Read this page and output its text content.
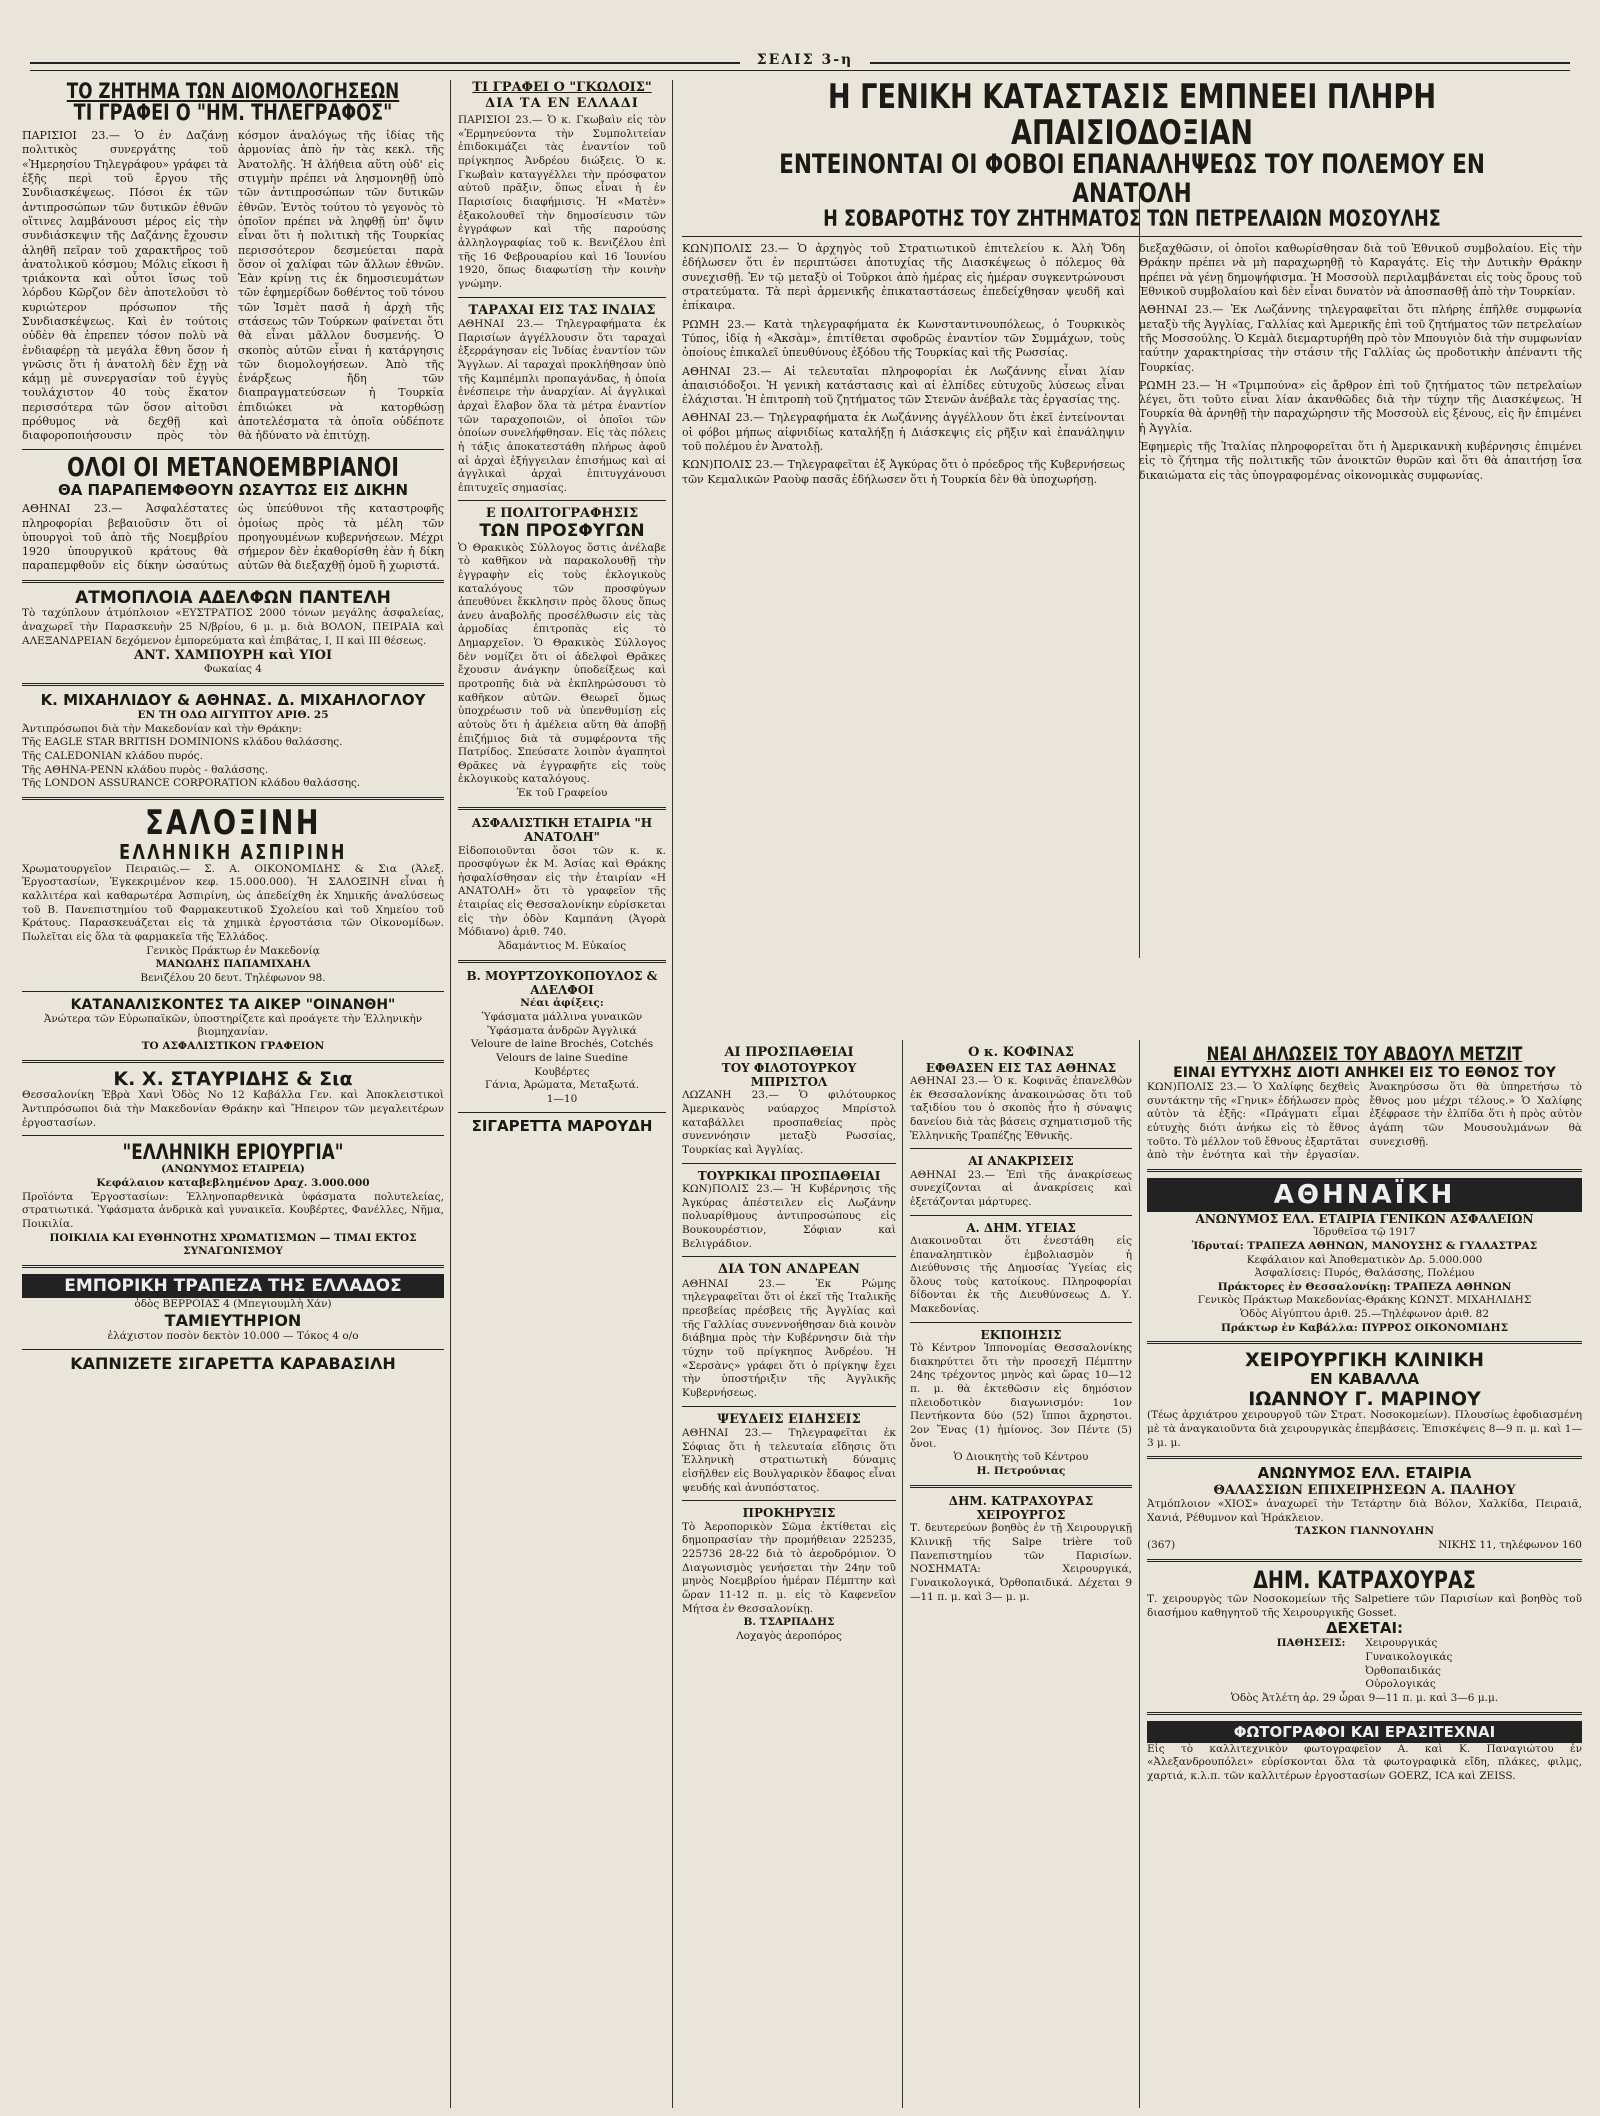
ΣΕΛΙΣ 3-η
ΤΟ ΖΗΤΗΜΑ ΤΩΝ ΔΙΟΜΟΛΟΓΗΣΕΩΝ
ΤΙ ΓΡΑΦΕΙ Ο "ΗΜ. ΤΗΛΕΓΡΑΦΟΣ"
ΠΑΡΙΣΙΟΙ 23.— Ὁ ἐν Δαζάνῃ πολιτικὸς συνεργάτης τοῦ «Ἡμερησίου Τηλεγράφου» γράφει τὰ ἑξῆς περὶ τοῦ ἔργου τῆς Συνδιασκέψεως. Πόσοι ἐκ τῶν ἀντιπροσώπων τῶν δυτικῶν ἐθνῶν οἵτινες λαμβάνουσι μέρος εἰς τὴν συνδιάσκεψιν τῆς Δαζάνης ἔχουσιν ἀληθῆ πεῖραν τοῦ χαρακτῆρος τοῦ ἀνατολικοῦ κόσμου; Μόλις εἴκοσι ἢ τριάκοντα καὶ οὗτοι ἴσως τοῦ λόρδου Κῶρζον δὲν ἀποτελοῦσι τὸ κυριώτερον πρόσωπον τῆς Συνδιασκέψεως. Καὶ ἐν τούτοις οὐδὲν θὰ ἐπρεπεν τόσον πολὺ νὰ ἐνδιαφέρῃ τὰ μεγάλα ἔθνη ὅσον ἡ γνῶσις ὅτι ἡ ἀνατολὴ δὲν ἔχῃ νὰ κάμῃ μὲ συνεργασίαν τοῦ ἐγγὺς τουλάχιστον 40 τοὺς ἕκατον περισσότερα τῶν ὅσον αἰτοῦσι πρόθυμος νὰ δεχθῇ καὶ διαφοροποιήσουσιν πρὸς τὸν κόσμον ἀναλόγως τῆς ἰδίας τῆς ἀρμονίας ἀπὸ ἡν τὰς κεκλ. τῆς Ἀνατολῆς. Ἡ ἀλήθεια αὕτη οὐδ' εἰς στιγμὴν πρέπει νὰ λησμονηθῇ ὑπὸ τῶν ἀντιπροσώπων τῶν δυτικῶν ἐθνῶν. Ἐντὸς τούτου τὸ γεγονὸς τὸ ὁποῖον πρέπει νὰ ληφθῇ ὑπ' ὄψιν εἶναι ὅτι ἡ πολιτικὴ τῆς Τουρκίας περισσότερον δεσμεύεται παρὰ ὅσον οἱ χαλίφαι τῶν ἄλλων ἐθνῶν. Ἐὰν κρίνῃ τις ἐκ δημοσιευμάτων τῶν ἐφημερίδων δοθέντος τοῦ τόνου τῶν Ἰσμὲτ πασᾶ ἡ ἀρχὴ τῆς στάσεως τῶν Τούρκων φαίνεται ὅτι θὰ εἶναι μᾶλλον δυσμενής. Ὁ σκοπὸς αὐτῶν εἶναι ἡ κατάργησις τῶν διομολογήσεων. Ἀπὸ τῆς ἐνάρξεως ἤδη τῶν διαπραγματεύσεων ἡ Τουρκία ἐπιδιώκει νὰ κατορθώσῃ ἀποτελέσματα τὰ ὁποῖα οὐδέποτε θὰ ἠδύνατο νὰ ἐπιτύχῃ.
ΟΛΟΙ ΟΙ ΜΕΤΑΝΟΕΜΒΡΙΑΝΟΙ
ΘΑ ΠΑΡΑΠΕΜΦΘΟΥΝ ΩΣΑΥΤΩΣ ΕΙΣ ΔΙΚΗΝ
ΑΘΗΝΑΙ 23.— Ἀσφαλέστατες πληροφορίαι βεβαιοῦσιν ὅτι οἱ ὑπουργοὶ τοῦ ἀπὸ τῆς Νοεμβρίου 1920 ὑπουργικοῦ κράτους θὰ παραπεμφθοῦν εἰς δίκην ὡσαύτως ὡς ὑπεύθυνοι τῆς καταστροφῆς ὁμοίως πρὸς τὰ μέλη τῶν προηγουμένων κυβερνήσεων. Μέχρι σήμερον δὲν ἐκαθορίσθη ἐὰν ἡ δίκη αὐτῶν θὰ διεξαχθῇ ὁμοῦ ἢ χωριστά.
ΑΤΜΟΠΛΟΙΑ ΑΔΕΛΦΩΝ ΠΑΝΤΕΛΗ
Τὸ ταχύπλουν ἀτμόπλοιον «ΕΥΣΤΡΑΤΙΟΣ 2000 τόνων μεγάλης ἀσφαλείας, ἀναχωρεῖ τὴν Παρασκευὴν 25 Ν/βρίου, 6 μ. μ. διὰ ΒΟΛΟΝ, ΠΕΙΡΑΙΑ καὶ ΑΛΕΞΑΝΔΡΕΙΑΝ δεχόμενον ἐμπορεύματα καὶ ἐπιβάτας, Ι, ΙΙ καὶ ΙΙΙ θέσεως.
ΑΝΤ. ΧΑΜΠΟΥΡΗ καὶ ΥΙΟΙ
Φωκαίας 4
Κ. ΜΙΧΑΗΛΙΔΟΥ & ΑΘΗΝΑΣ. Δ. ΜΙΧΑΗΛΟΓΛΟΥ
ΕΝ ΤΗ ΟΔΩ ΑΙΓΥΠΤΟΥ ΑΡΙΘ. 25
Ἀντιπρόσωποι διὰ τὴν Μακεδονίαν καὶ τὴν Θράκην:
Τῆς EAGLE STAR BRITISH DOMINIONS κλάδου θαλάσσης.
Τῆς CALEDONIAN κλάδου πυρός.
Τῆς ΑΘΗΝΑ-ΡΕΝΝ κλάδου πυρὸς - θαλάσσης.
Τῆς LONDON ASSURANCE CORPORATION κλάδου θαλάσσης.
ΣΑΛΟΞΙΝΗ
ΕΛΛΗΝΙΚΗ ΑΣΠΙΡΙΝΗ
Χρωματουργεῖον Πειραιῶς.— Σ. Α. ΟΙΚΟΝΟΜΙΔΗΣ & Σια (Ἀλεξ. Ἐργοστασίων, Ἐγκεκριμένον κεφ. 15.000.000). Ἡ ΣΑΛΟΞΙΝΗ εἶναι ἡ καλλιτέρα καὶ καθαρωτέρα Ἀσπιρίνη, ὡς ἀπεδείχθη ἐκ Χημικῆς ἀναλύσεως τοῦ Β. Πανεπιστημίου τοῦ Φαρμακευτικοῦ Σχολείου καὶ τοῦ Χημείου τοῦ Κράτους. Παρασκευάζεται εἰς τὰ χημικὰ ἐργοστάσια τῶν Οἰκονομίδων. Πωλεῖται εἰς ὅλα τὰ φαρμακεῖα τῆς Ἑλλάδος.
Γενικὸς Πράκτωρ ἐν Μακεδονίᾳ
ΜΑΝΩΛΗΣ ΠΑΠΑΜΙΧΑΗΛ
Βενιζέλου 20 δευτ. Τηλέφωνον 98.
ΚΑΤΑΝΑΛΙΣΚΟΝΤΕΣ ΤΑ ΑΙΚΕΡ "ΟΙΝΑΝΘΗ"
Ἀνώτερα τῶν Εὐρωπαϊκῶν, ὑποστηρίζετε καὶ προάγετε τὴν Ἑλληνικὴν βιομηχανίαν.
ΤΟ ΑΣΦΑΛΙΣΤΙΚΟΝ ΓΡΑΦΕΙΟΝ
Κ. Χ. ΣΤΑΥΡΙΔΗΣ & Σια
Θεσσαλονίκη Ἐβρὰ Χανὶ Ὁδὸς Νο 12 Καβάλλα Γεν. καὶ Ἀποκλειστικοὶ Ἀντιπρόσωποι διὰ τὴν Μακεδονίαν Θράκην καὶ Ἤπειρον τῶν μεγαλειτέρων ἐργοστασίων.
"ΕΛΛΗΝΙΚΗ ΕΡΙΟΥΡΓΙΑ"
(ΑΝΩΝΥΜΟΣ ΕΤΑΙΡΕΙΑ)
Κεφάλαιον καταβεβλημένον Δραχ. 3.000.000
Προϊόντα Ἐργοστασίων: Ἐλληνοπαρθενικὰ ὑφάσματα πολυτελείας, στρατιωτικά. Ὑφάσματα ἀνδρικὰ καὶ γυναικεῖα. Κουβέρτες, Φανέλλες, Νῆμα, Ποικιλία.
ΠΟΙΚΙΛΙΑ ΚΑΙ ΕΥΘΗΝΟΤΗΣ ΧΡΩΜΑΤΙΣΜΩΝ — ΤΙΜΑΙ ΕΚΤΟΣ ΣΥΝΑΓΩΝΙΣΜΟΥ
ΕΜΠΟΡΙΚΗ ΤΡΑΠΕΖΑ ΤΗΣ ΕΛΛΑΔΟΣ
ὁδὸς ΒΕΡΡΟΙΑΣ 4 (Μπεγιουμλὴ Χάν)
ΤΑΜΙΕΥΤΗΡΙΟΝ
ἐλάχιστον ποσὸν δεκτὸν 10.000 — Τόκος 4 ο/ο
ΚΑΠΝΙΖΕΤΕ ΣΙΓΑΡΕΤΤΑ ΚΑΡΑΒΑΣΙΛΗ
ΤΙ ΓΡΑΦΕΙ Ο "ΓΚΩΛΟΙΣ"
ΔΙΑ ΤΑ ΕΝ ΕΛΛΑΔΙ
ΠΑΡΙΣΙΟΙ 23.— Ὁ κ. Γκωβαὶν εἰς τὸν «Ἐρμηνεύοντα τὴν Συμπολιτείαν ἐπιδοκιμάζει τὰς ἐναντίον τοῦ πρίγκηπος Ἀνδρέου διώξεις. Ὁ κ. Γκωβαὶν καταγγέλλει τὴν πρόσφατον αὐτοῦ πρᾶξιν, ὅπως εἶναι ἡ ἐν Παρισίοις διαφήμισις. Ἡ «Ματὲν» ἐξακολουθεῖ τὴν δημοσίευσιν τῶν ἐγγράφων καὶ τῆς παρούσης ἀλληλογραφίας τοῦ κ. Βενιζέλου ἐπὶ τῆς 16 Φεβρουαρίου καὶ 16 Ἰουνίου 1920, ὅπως διαφωτίσῃ τὴν κοινὴν γνώμην.
ΤΑΡΑΧΑΙ ΕΙΣ ΤΑΣ ΙΝΔΙΑΣ
ΑΘΗΝΑΙ 23.— Τηλεγραφήματα ἐκ Παρισίων ἀγγέλλουσιν ὅτι ταραχαὶ ἐξερράγησαν εἰς Ἰνδίας ἐναντίον τῶν Ἄγγλων. Αἱ ταραχαὶ προκλήθησαν ὑπὸ τῆς Καμπέμπλι προπαγάνδας, ἡ ὁποία ἐνέσπειρε τὴν ἀναρχίαν. Αἱ ἀγγλικαὶ ἀρχαὶ ἔλαβον ὅλα τὰ μέτρα ἐναντίον τῶν ταραχοποιῶν, οἱ ὁποῖοι τῶν ὁποίων συνελήφθησαν. Εἰς τὰς πόλεις ἡ τάξις ἀποκατεστάθη πλήρως ἀφοῦ αἱ ἀρχαὶ ἐξήγγειλαν ἐπισήμως καὶ αἱ ἀγγλικαὶ ἀρχαὶ ἐπιτυγχάνουσι ἐπιτυχεῖς σημασίας.
Ε ΠΟΛΙΤΟΓΡΑΦΗΣΙΣ
ΤΩΝ ΠΡΟΣΦΥΓΩΝ
Ὁ Θρακικὸς Σύλλογος ὅστις ἀνέλαβε τὸ καθῆκον νὰ παρακολουθῇ τὴν ἐγγραφὴν εἰς τοὺς ἐκλογικοὺς καταλόγους τῶν προσφύγων ἀπευθύνει ἔκκλησιν πρὸς ὅλους ὅπως ἀνευ ἀναβολῆς προσέλθωσιν εἰς τὰς ἁρμοδίας ἐπιτροπὰς εἰς τὸ Δημαρχεῖον. Ὁ Θρακικὸς Σύλλογος δὲν νομίζει ὅτι οἱ ἀδελφοὶ Θρᾶκες ἔχουσιν ἀνάγκην ὑποδείξεως καὶ προτροπῆς διὰ νὰ ἐκπληρώσουσι τὸ καθῆκον αὐτῶν. Θεωρεῖ ὅμως ὑποχρέωσιν τοῦ νὰ ὑπενθυμίσῃ εἰς αὐτοὺς ὅτι ἡ ἀμέλεια αὕτη θὰ ἀποβῇ ἐπιζήμιος διὰ τὰ συμφέροντα τῆς Πατρίδος. Σπεύσατε λοιπὸν ἀγαπητοὶ Θρᾶκες νὰ ἐγγραφῆτε εἰς τοὺς ἐκλογικοὺς καταλόγους.
Ἐκ τοῦ Γραφείου
ΑΣΦΑΛΙΣΤΙΚΗ ΕΤΑΙΡΙΑ "Η ΑΝΑΤΟΛΗ"
Εἰδοποιοῦνται ὅσοι τῶν κ. κ. προσφύγων ἐκ Μ. Ἀσίας καὶ Θράκης ἠσφαλίσθησαν εἰς τὴν ἐταιρίαν «Η ΑΝΑΤΟΛΗ» ὅτι τὸ γραφεῖον τῆς ἐταιρίας εἰς Θεσσαλονίκην εὑρίσκεται εἰς τὴν ὁδὸν Καμπάνη (Ἀγορὰ Μόδιανο) ἀριθ. 740.
Ἀδαμάντιος Μ. Εὐκαίος
Β. ΜΟΥΡΤΖΟΥΚΟΠΟΥΛΟΣ & ΑΔΕΛΦΟΙ
Νέαι ἀφίξεις:
Ὑφάσματα μάλλινα γυναικῶν
Ὑφάσματα ἀνδρῶν Ἀγγλικά
Veloure de laine Brochés, Cotchés
Velours de laine Suedine
Κουβέρτες
Γάνια, Ἀρώματα, Μεταξωτά.
1—10
ΣΙΓΑΡΕΤΤΑ ΜΑΡΟΥΔΗ
Η ΓΕΝΙΚΗ ΚΑΤΑΣΤΑΣΙΣ ΕΜΠΝΕΕΙ ΠΛΗΡΗ ΑΠΑΙΣΙΟΔΟΞΙΑΝ
ΕΝΤΕΙΝΟΝΤΑΙ ΟΙ ΦΟΒΟΙ ΕΠΑΝΑΛΗΨΕΩΣ ΤΟΥ ΠΟΛΕΜΟΥ ΕΝ ΑΝΑΤΟΛΗ
Η ΣΟΒΑΡΟΤΗΣ ΤΟΥ ΖΗΤΗΜΑΤΟΣ ΤΩΝ ΠΕΤΡΕΛΑΙΩΝ ΜΟΣΟΥΛΗΣ
ΚΩΝ)ΠΟΛΙΣ 23.— Ὁ ἀρχηγὸς τοῦ Στρατιωτικοῦ ἐπιτελείου κ. Ἀλὴ Ὄδη ἐδήλωσεν ὅτι ἐν περιπτώσει ἀποτυχίας τῆς Διασκέψεως ὁ πόλεμος θὰ συνεχισθῇ. Ἐν τῷ μεταξὺ οἱ Τοῦρκοι ἀπὸ ἡμέρας εἰς ἡμέραν συγκεντρώνουσι στρατεύματα. Τὰ περὶ ἀρμενικῆς ἐπικαταστάσεως ἐπεδείχθησαν ψευδῆ καὶ ἐπίκαιρα.
ΡΩΜΗ 23.— Κατὰ τηλεγραφήματα ἐκ Κωνσταντινουπόλεως, ὁ Τουρκικὸς Τύπος, ἰδίᾳ ἡ «Ἀκσὰμ», ἐπιτίθεται σφοδρῶς ἐναντίον τῶν Συμμάχων, τοὺς ὁποίους ἐπικαλεῖ ὑπευθύνους ἐξόδου τῆς Τουρκίας καὶ τῆς Ρωσσίας.
ΑΘΗΝΑΙ 23.— Αἱ τελευταῖαι πληροφορίαι ἐκ Λωζάννης εἶναι λίαν ἀπαισιόδοξοι. Ἡ γενικὴ κατάστασις καὶ αἱ ἐλπίδες εὐτυχοῦς λύσεως εἶναι ἐλάχισται. Ἡ ἐπιτροπὴ τοῦ ζητήματος τῶν Στενῶν ἀνέβαλε τὰς ἐργασίας της.
ΑΘΗΝΑΙ 23.— Τηλεγραφήματα ἐκ Λωζάννης ἀγγέλλουν ὅτι ἐκεῖ ἐντείνονται οἱ φόβοι μήπως αἰφνιδίως καταλήξῃ ἡ Διάσκεψις εἰς ρῆξιν καὶ ἐπανάληψιν τοῦ πολέμου ἐν Ἀνατολῇ.
ΚΩΝ)ΠΟΛΙΣ 23.— Τηλεγραφεῖται ἐξ Ἀγκύρας ὅτι ὁ πρόεδρος τῆς Κυβερνήσεως τῶν Κεμαλικῶν Ραοὺφ πασᾶς ἐδήλωσεν ὅτι ἡ Τουρκία δὲν θὰ ὑποχωρήσῃ.
διεξαχθῶσιν, οἱ ὁποῖοι καθωρίσθησαν διὰ τοῦ Ἐθνικοῦ συμβολαίου. Εἰς τὴν Θράκην πρέπει νὰ μὴ παραχωρηθῇ τὸ Καραγάτς. Εἰς τὴν Δυτικὴν Θράκην πρέπει νὰ γένῃ δημοψήφισμα. Ἡ Μοσσοὺλ περιλαμβάνεται εἰς τοὺς ὅρους τοῦ Ἐθνικοῦ συμβολαίου καὶ δὲν εἶναι δυνατὸν νὰ ἀποσπασθῇ ἀπὸ τὴν Τουρκίαν.
ΑΘΗΝΑΙ 23.— Ἐκ Λωζάννης τηλεγραφεῖται ὅτι πλήρης ἐπῆλθε συμφωνία μεταξὺ τῆς Ἀγγλίας, Γαλλίας καὶ Ἀμερικῆς ἐπὶ τοῦ ζητήματος τῶν πετρελαίων τῆς Μοσσούλης. Ὁ Κεμὰλ διεμαρτυρήθη πρὸ τὸν Μπουγιὸν διὰ τὴν συμφωνίαν ταύτην χαρακτηρίσας τὴν στάσιν τῆς Γαλλίας ὡς προδοτικὴν ἀπέναντι τῆς Τουρκίας.
ΡΩΜΗ 23.— Ἡ «Τριμπούνα» εἰς ἄρθρον ἐπὶ τοῦ ζητήματος τῶν πετρελαίων λέγει, ὅτι τοῦτο εἶναι λίαν ἀκανθῶδες διὰ τὴν τύχην τῆς Διασκέψεως. Ἡ Τουρκία θὰ ἀρνηθῇ τὴν παραχώρησιν τῆς Μοσσοὺλ εἰς ξένους, εἰς ἣν ἐπιμένει ἡ Ἀγγλία.
Ἐφημερὶς τῆς Ἰταλίας πληροφορεῖται ὅτι ἡ Ἀμερικανικὴ κυβέρνησις ἐπιμένει εἰς τὸ ζήτημα τῆς πολιτικῆς τῶν ἀνοικτῶν θυρῶν καὶ ὅτι θὰ ἀπαιτήσῃ ἴσα δικαιώματα εἰς τὰς ὑπογραφομένας οἰκονομικὰς συμφωνίας.
ΑΙ ΠΡΟΣΠΑΘΕΙΑΙ
ΤΟΥ ΦΙΛΟΤΟΥΡΚΟΥ ΜΠΡΙΣΤΟΛ
ΛΩΖΑΝΗ 23.— Ὁ φιλότουρκος Ἀμερικανὸς ναύαρχος Μπρίστολ καταβάλλει προσπαθείας πρὸς συνεννόησιν μεταξὺ Ρωσσίας, Τουρκίας καὶ Ἀγγλίας.
ΤΟΥΡΚΙΚΑΙ ΠΡΟΣΠΑΘΕΙΑΙ
ΚΩΝ)ΠΟΛΙΣ 23.— Ἡ Κυβέρνησις τῆς Ἀγκύρας ἀπέστειλεν εἰς Λωζάνην πολυαρίθμους ἀντιπροσώπους εἰς Βουκουρέστιον, Σόφιαν καὶ Βελιγράδιον.
ΔΙΑ ΤΟΝ ΑΝΔΡΕΑΝ
ΑΘΗΝΑΙ 23.— Ἐκ Ρώμης τηλεγραφεῖται ὅτι οἱ ἐκεῖ τῆς Ἰταλικῆς πρεσβείας πρέσβεις τῆς Ἀγγλίας καὶ τῆς Γαλλίας συνεννοήθησαν διὰ κοινὸν διάβημα πρὸς τὴν Κυβέρνησιν διὰ τὴν τύχην τοῦ πρίγκηπος Ἀνδρέου. Ἡ «Σερσὰνς» γράφει ὅτι ὁ πρίγκηψ ἔχει τὴν ὑποστήριξιν τῆς Ἀγγλικῆς Κυβερνήσεως.
ΨΕΥΔΕΙΣ ΕΙΔΗΣΕΙΣ
ΑΘΗΝΑΙ 23.— Τηλεγραφεῖται ἐκ Σόφιας ὅτι ἡ τελευταία εἴδησις ὅτι Ἑλληνικὴ στρατιωτικὴ δύναμις εἰσῆλθεν εἰς Βουλγαρικὸν ἔδαφος εἶναι ψευδής καὶ ἀνυπόστατος.
ΠΡΟΚΗΡΥΞΙΣ
Τὸ Ἀεροπορικὸν Σῶμα ἐκτίθεται εἰς δημοπρασίαν τὴν προμήθειαν 225235, 225736 28-22 διὰ τὸ ἀεροδρόμιον. Ὁ Διαγωνισμὸς γενήσεται τὴν 24ην τοῦ μηνὸς Νοεμβρίου ἡμέραν Πέμπτην καὶ ὥραν 11-12 π. μ. εἰς τὸ Καφενεῖον Μήτσα ἐν Θεσσαλονίκῃ.
Β. ΤΣΑΡΠΑΔΗΣ
Λοχαγὸς ἀεροπόρος
Ο κ. ΚΟΦΙΝΑΣ
ΕΦΘΑΣΕΝ ΕΙΣ ΤΑΣ ΑΘΗΝΑΣ
ΑΘΗΝΑΙ 23.— Ὁ κ. Κοφινᾶς ἐπανελθὼν ἐκ Θεσσαλονίκης ἀνακοινώσας ὅτι τοῦ ταξιδίου του ὁ σκοπὸς ἦτο ἡ σύναψις δανείου διὰ τὰς βάσεις σχηματισμοῦ τῆς Ἑλληνικῆς Τραπέζης Ἐθνικῆς.
ΑΙ ΑΝΑΚΡΙΣΕΙΣ
ΑΘΗΝΑΙ 23.— Ἐπὶ τῆς ἀνακρίσεως συνεχίζονται αἱ ἀνακρίσεις καὶ ἐξετάζονται μάρτυρες.
Α. ΔΗΜ. ΥΓΕΙΑΣ
Διακοινοῦται ὅτι ἐνεστάθη εἰς ἐπαναληπτικὸν ἐμβολιασμὸν ἡ Διεύθυνσις τῆς Δημοσίας Ὑγείας εἰς ὅλους τοὺς κατοίκους. Πληροφορίαι δίδονται ἐκ τῆς Διευθύνσεως Δ. Υ. Μακεδονίας.
ΕΚΠΟΙΗΣΙΣ
Τὸ Κέντρον Ἱππονομίας Θεσσαλονίκης διακηρύττει ὅτι τὴν προσεχῆ Πέμπτην 24ης τρέχοντος μηνὸς καὶ ὥρας 10—12 π. μ. θὰ ἐκτεθῶσιν εἰς δημόσιον πλειοδοτικὸν διαγωνισμόν: 1ον Πεντήκοντα δύο (52) ἵπποι ἄχρηστοι. 2ον Ἕνας (1) ἡμίονος. 3ον Πέντε (5) ὄνοι.
Ὁ Διοικητὴς τοῦ Κέντρου
Η. Πετρούνιας
ΔΗΜ. ΚΑΤΡΑΧΟΥΡΑΣ
ΧΕΙΡΟΥΡΓΟΣ
Τ. δευτερεύων βοηθὸς ἐν τῇ Χειρουργικῇ Κλινικῇ τῆς Salpe trière τοῦ Πανεπιστημίου τῶν Παρισίων. ΝΟΣΗΜΑΤΑ: Χειρουργικά, Γυναικολογικά, Ὀρθοπαιδικά. Δέχεται 9—11 π. μ. καὶ 3— μ. μ.
ΝΕΑΙ ΔΗΛΩΣΕΙΣ ΤΟΥ ΑΒΔΟΥΛ ΜΕΤΖΙΤ
ΕΙΝΑΙ ΕΥΤΥΧΗΣ ΔΙΟΤΙ ΑΝΗΚΕΙ ΕΙΣ ΤΟ ΕΘΝΟΣ ΤΟΥ
ΚΩΝ)ΠΟΛΙΣ 23.— Ὁ Χαλίφης δεχθεὶς συντάκτην τῆς «Γηνικ» ἐδήλωσεν πρὸς αὐτὸν τὰ ἑξῆς: «Πράγματι εἶμαι εὐτυχὴς διότι ἀνήκω εἰς τὸ ἔθνος τοῦτο. Τὸ μέλλον τοῦ ἔθνους ἐξαρτᾶται ἀπὸ τὴν ἑνότητα καὶ τὴν ἐργασίαν. Ἀνακηρύσσω ὅτι θὰ ὑπηρετήσω τὸ ἔθνος μου μέχρι τέλους.» Ὁ Χαλίφης ἐξέφρασε τὴν ἐλπίδα ὅτι ἡ πρὸς αὐτὸν ἀγάπη τῶν Μουσουλμάνων θὰ συνεχισθῇ.
ΑΘΗΝΑΪΚΗ
ΑΝΩΝΥΜΟΣ ΕΛΛ. ΕΤΑΙΡΙΑ ΓΕΝΙΚΩΝ ΑΣΦΑΛΕΙΩΝ
Ἱδρυθεῖσα τῷ 1917
Ἱδρυταί: ΤΡΑΠΕΖΑ ΑΘΗΝΩΝ, ΜΑΝΟΥΣΗΣ & ΓΥΑΛΑΣΤΡΑΣ
Κεφάλαιον καὶ Ἀποθεματικὸν Δρ. 5.000.000
Ἀσφαλίσεις: Πυρός, Θαλάσσης, Πολέμου
Πράκτορες ἐν Θεσσαλονίκῃ: ΤΡΑΠΕΖΑ ΑΘΗΝΩΝ
Γενικὸς Πράκτωρ Μακεδονίας-Θράκης ΚΩΝΣΤ. ΜΙΧΑΗΛΙΔΗΣ
Ὁδὸς Αἰγύπτου ἀριθ. 25.—Τηλέφωνον ἀριθ. 82
Πράκτωρ ἐν Καβάλλα: ΠΥΡΡΟΣ ΟΙΚΟΝΟΜΙΔΗΣ
ΧΕΙΡΟΥΡΓΙΚΗ ΚΛΙΝΙΚΗ
ΕΝ ΚΑΒΑΛΛΑ
ΙΩΑΝΝΟΥ Γ. ΜΑΡΙΝΟΥ
(Τέως ἀρχιάτρου χειρουργοῦ τῶν Στρατ. Νοσοκομείων). Πλουσίως ἐφοδιασμένη μὲ τὰ ἀναγκαιοῦντα διὰ χειρουργικὰς ἐπεμβάσεις. Ἐπισκέψεις 8—9 π. μ. καὶ 1—3 μ. μ.
ΑΝΩΝΥΜΟΣ ΕΛΛ. ΕΤΑΙΡΙΑ
ΘΑΛΑΣΣΙΩΝ ΕΠΙΧΕΙΡΗΣΕΩΝ Α. ΠΑΛΗΟΥ
Ἀτμόπλοιον «ΧΙΟΣ» ἀναχωρεῖ τὴν Τετάρτην διὰ Βόλον, Χαλκίδα, Πειραιᾶ, Χανιά, Ρέθυμνον καὶ Ἡράκλειον.
ΤΑΣΚΟΝ ΓΙΑΝΝΟΥΛΗΝ
(367)	ΝΙΚΗΣ 11, τηλέφωνον 160
ΔΗΜ. ΚΑΤΡΑΧΟΥΡΑΣ
Τ. χειρουργὸς τῶν Νοσοκομείων τῆς Salpetiere τῶν Παρισίων καὶ βοηθὸς τοῦ διασήμου καθηγητοῦ τῆς Χειρουργικῆς Gosset.
ΔΕΧΕΤΑΙ:
ΠΑΘΗΣΕΙΣ: Χειρουργικάς
Γυναικολογικάς
Ὀρθοπαιδικάς
Οὐρολογικάς
Ὁδὸς Ἀτλέτη ἀρ. 29 ὧραι 9—11 π. μ. καὶ 3—6 μ.μ.
ΦΩΤΟΓΡΑΦΟΙ ΚΑΙ ΕΡΑΣΙΤΕΧΝΑΙ
Εἰς τὸ καλλιτεχνικὸν φωτογραφεῖον Α. καὶ Κ. Παναγιώτου ἐν «Ἀλεξανδρουπόλει» εὑρίσκονται ὅλα τὰ φωτογραφικὰ εἴδη, πλάκες, φιλμς, χαρτιά, κ.λ.π. τῶν καλλιτέρων ἐργοστασίων GOERZ, ICA καὶ ZEISS.
